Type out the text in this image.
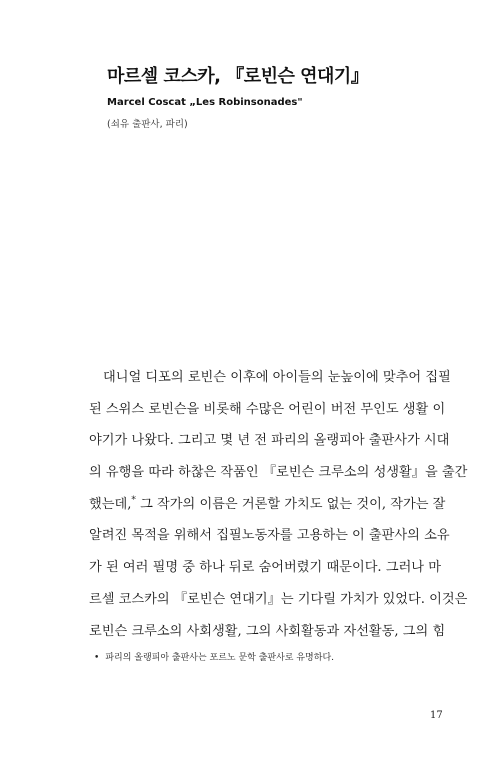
마르셀 코스카, 『로빈슨 연대기』
Marcel Coscat „Les Robinsonades"
(쇠유 출판사, 파리)
대니얼 디포의 로빈슨 이후에 아이들의 눈높이에 맞추어 집필
된 스위스 로빈슨을 비롯해 수많은 어린이 버전 무인도 생활 이
야기가 나왔다. 그리고 몇 년 전 파리의 올랭피아 출판사가 시대
의 유행을 따라 하찮은 작품인 『로빈슨 크루소의 성생활』을 출간
했는데,* 그 작가의 이름은 거론할 가치도 없는 것이, 작가는 잘
알려진 목적을 위해서 집필노동자를 고용하는 이 출판사의 소유
가 된 여러 필명 중 하나 뒤로 숨어버렸기 때문이다. 그러나 마
르셀 코스카의 『로빈슨 연대기』는 기다릴 가치가 있었다. 이것은
로빈슨 크루소의 사회생활, 그의 사회활동과 자선활동, 그의 힘
• 파리의 올랭피아 출판사는 포르노 문학 출판사로 유명하다.
17
